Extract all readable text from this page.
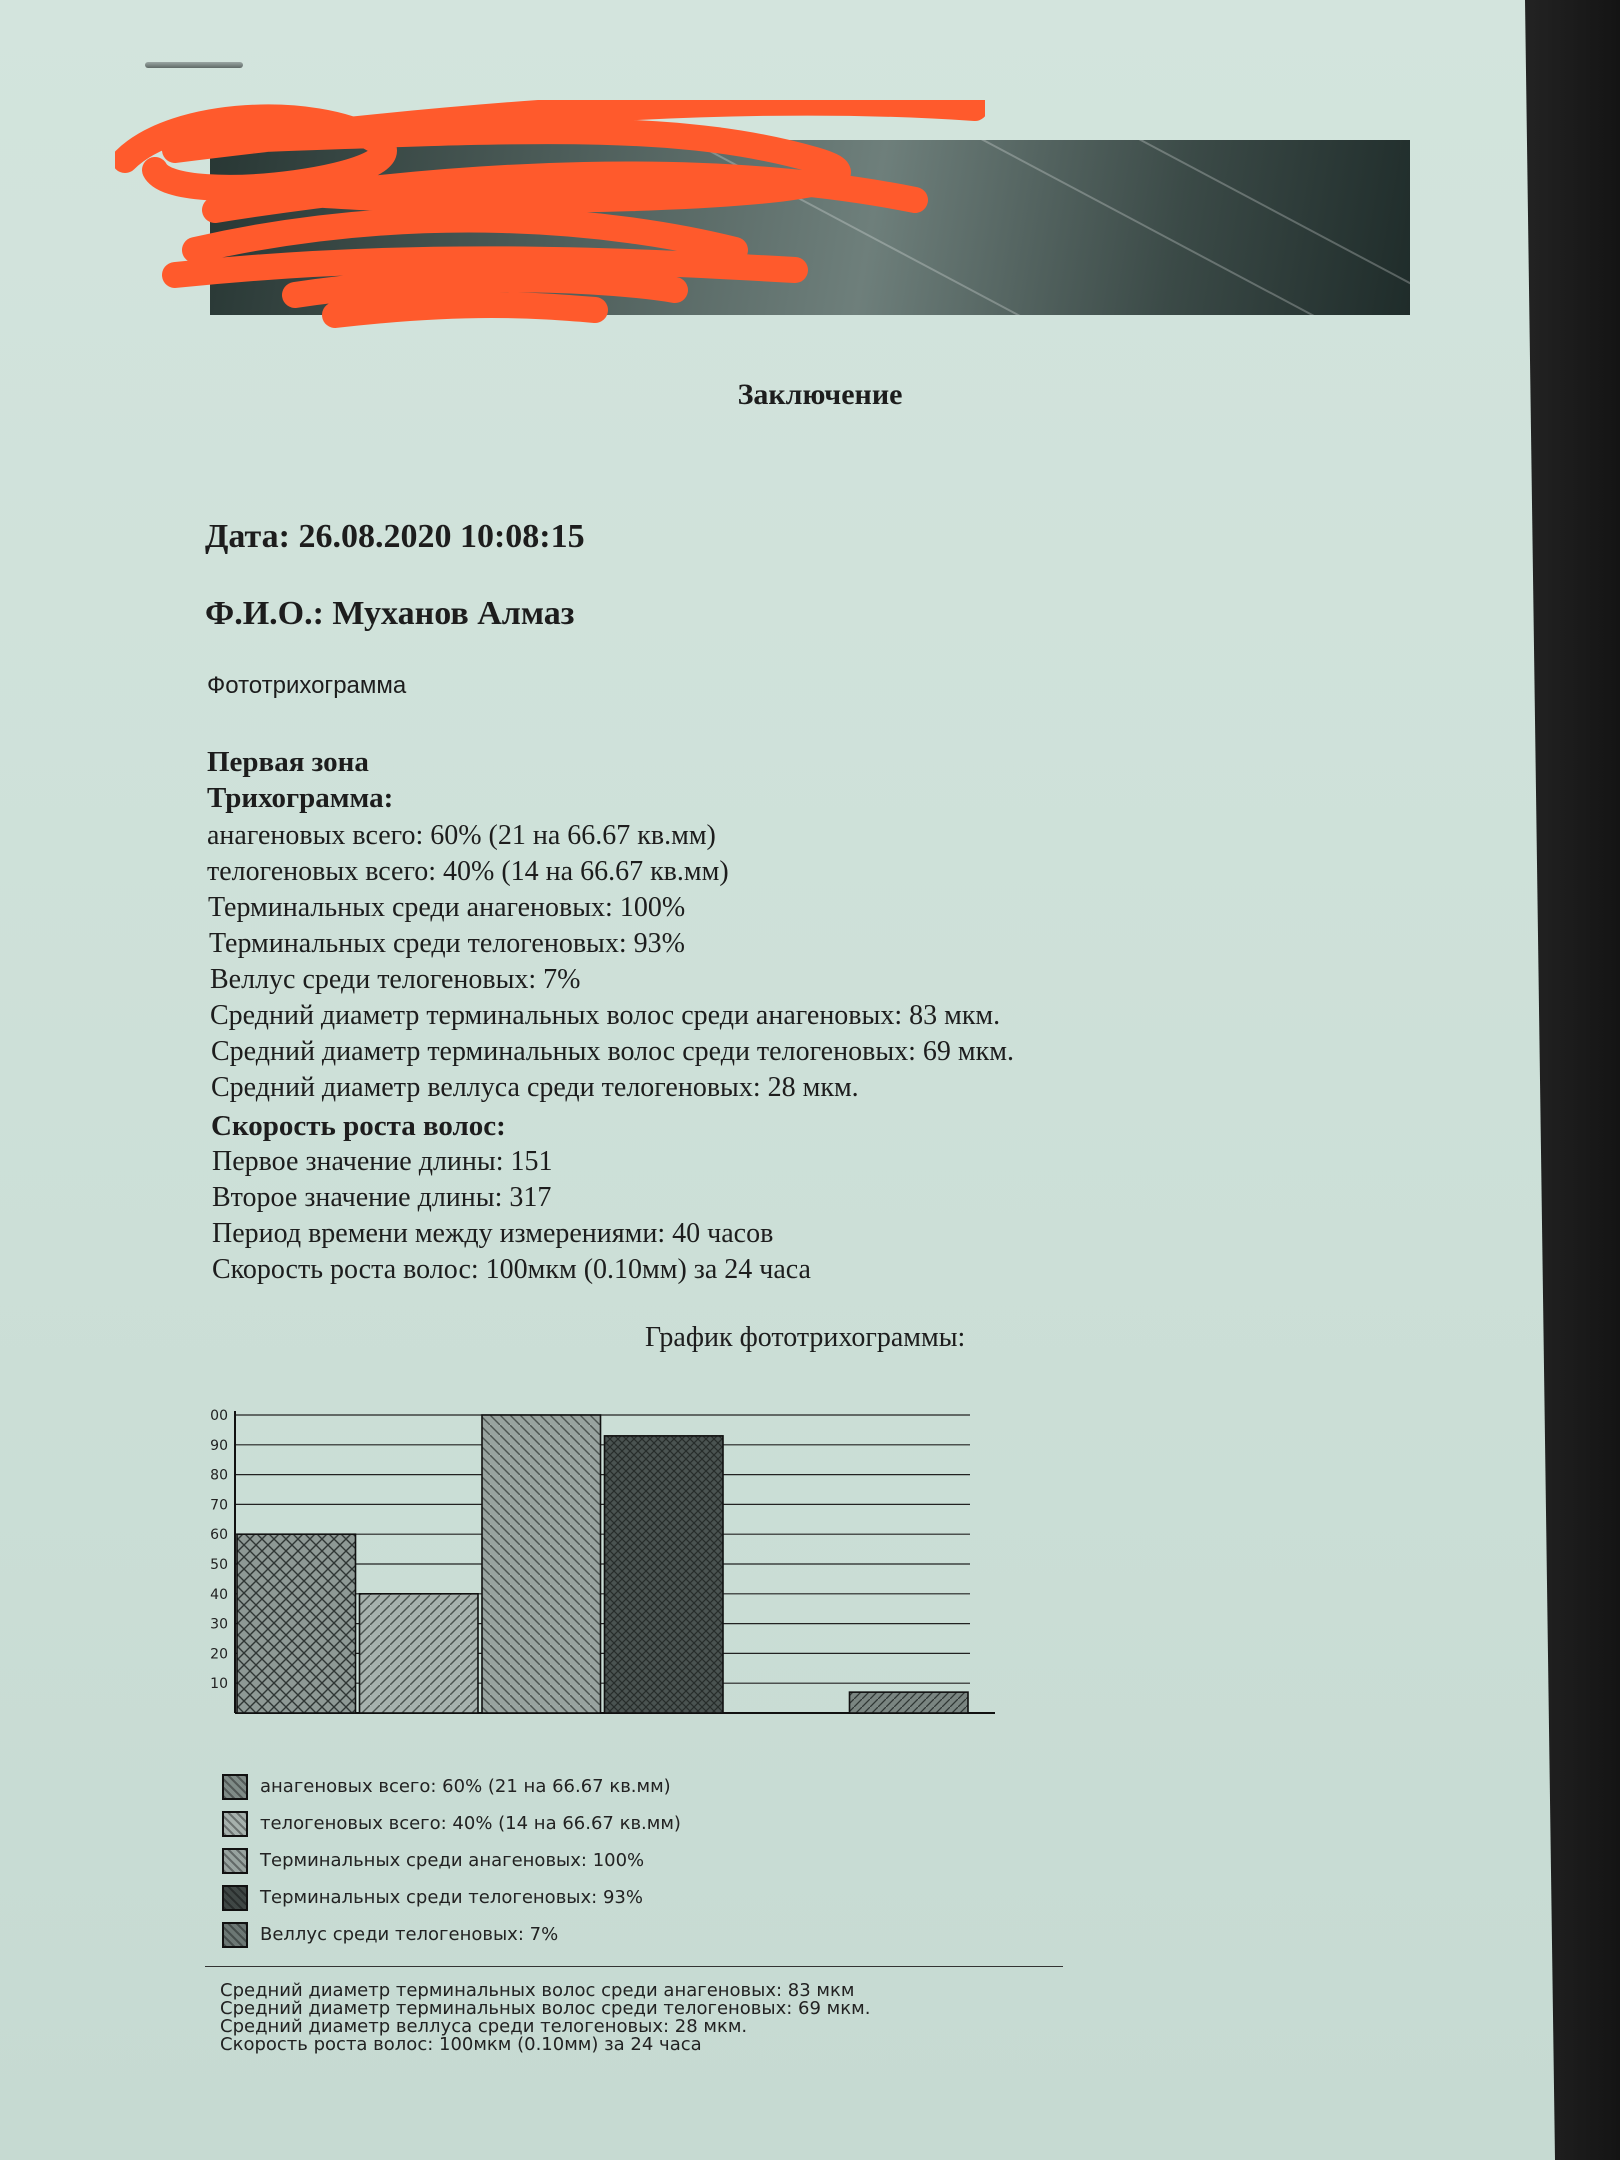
Заключение
Дата: 26.08.2020 10:08:15
Ф.И.О.: Муханов Алмаз
Фототрихограмма
Первая зона
Трихограмма:
анагеновых всего: 60% (21 на 66.67 кв.мм)
телогеновых всего: 40% (14 на 66.67 кв.мм)
Терминальных среди анагеновых: 100%
Терминальных среди телогеновых: 93%
Веллус среди телогеновых: 7%
Средний диаметр терминальных волос среди анагеновых: 83 мкм.
Средний диаметр терминальных волос среди телогеновых: 69 мкм.
Средний диаметр веллуса среди телогеновых: 28 мкм.
Скорость роста волос:
Первое значение длины: 151
Второе значение длины: 317
Период времени между измерениями: 40 часов
Скорость роста волос: 100мкм (0.10мм) за 24 часа
График фототрихограммы:
10
20
30
40
50
60
70
80
90
00
анагеновых всего: 60% (21 на 66.67 кв.мм)
телогеновых всего: 40% (14 на 66.67 кв.мм)
Терминальных среди анагеновых: 100%
Терминальных среди телогеновых: 93%
Веллус среди телогеновых: 7%
Средний диаметр терминальных волос среди анагеновых: 83 мкм
Средний диаметр терминальных волос среди телогеновых: 69 мкм.
Средний диаметр веллуса среди телогеновых: 28 мкм.
Скорость роста волос: 100мкм (0.10мм) за 24 часа
